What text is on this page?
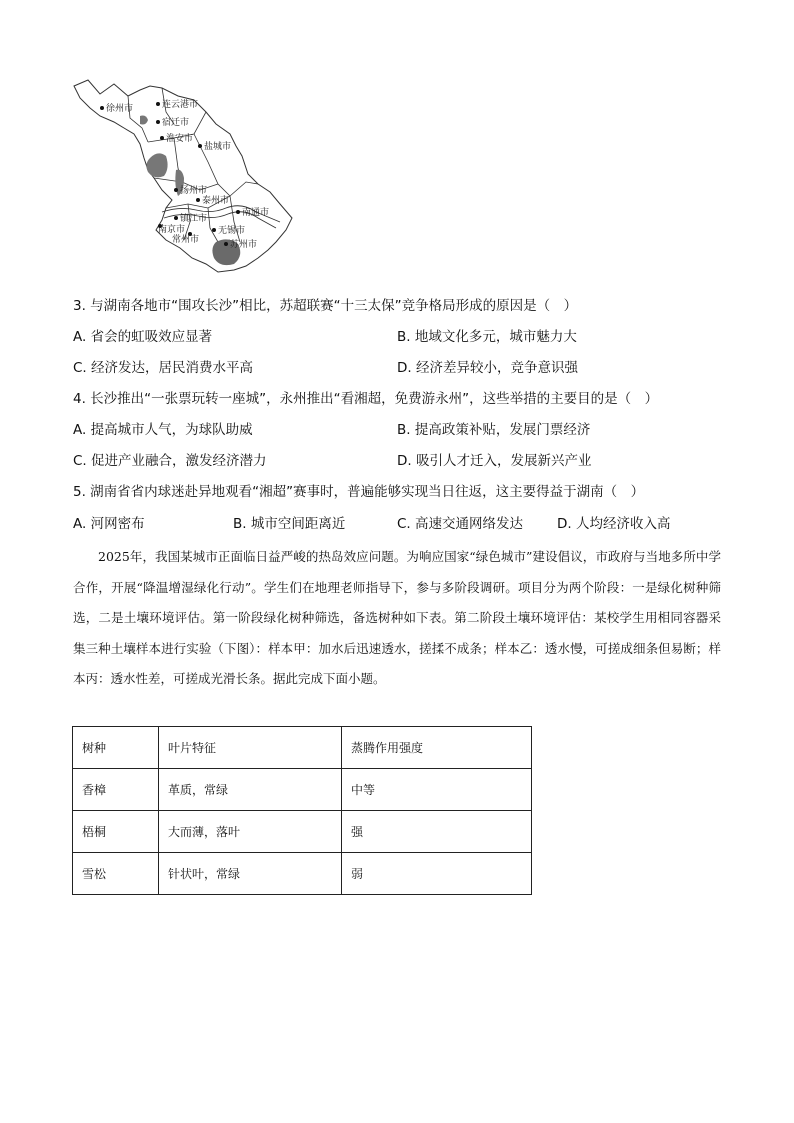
徐州市	连云港市
宿迁市
淮安市
盐城市
扬州市
泰州市
南通市
镇江市
南京市
常州市
无锡市
苏州市
3. 与湖南各地市“围攻长沙”相比，苏超联赛“十三太保”竞争格局形成的原因是（　）
A. 省会的虹吸效应显著	B. 地域文化多元，城市魅力大
C. 经济发达，居民消费水平高	D. 经济差异较小，竞争意识强
4. 长沙推出“一张票玩转一座城”，永州推出“看湘超，免费游永州”，这些举措的主要目的是（　）
A. 提高城市人气，为球队助威	B. 提高政策补贴，发展门票经济
C. 促进产业融合，激发经济潜力	D. 吸引人才迁入，发展新兴产业
5. 湖南省省内球迷赴异地观看“湘超”赛事时，普遍能够实现当日往返，这主要得益于湖南（　）
A. 河网密布	B. 城市空间距离近	C. 高速交通网络发达	D. 人均经济收入高
2025年，我国某城市正面临日益严峻的热岛效应问题。为响应国家“绿色城市”建设倡议，市政府与当地多所中学合作，开展“降温增湿绿化行动”。学生们在地理老师指导下，参与多阶段调研。项目分为两个阶段：一是绿化树种筛选，二是土壤环境评估。第一阶段绿化树种筛选，备选树种如下表。第二阶段土壤环境评估：某校学生用相同容器采集三种土壤样本进行实验（下图）：样本甲：加水后迅速透水，搓揉不成条；样本乙：透水慢，可搓成细条但易断；样本丙：透水性差，可搓成光滑长条。据此完成下面小题。
树种	叶片特征	蒸腾作用强度
香樟	革质，常绿	中等
梧桐	大而薄，落叶	强
雪松	针状叶，常绿	弱
